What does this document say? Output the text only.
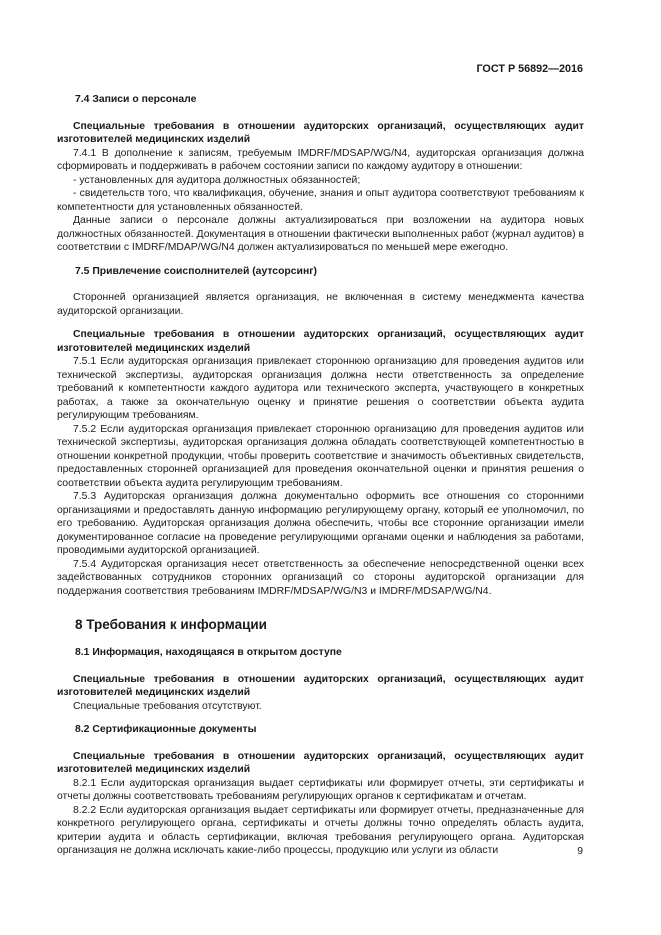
ГОСТ Р 56892—2016

7.4 Записи о персонале

Специальные требования в отношении аудиторских организаций, осуществляющих аудит изготовителей медицинских изделий

7.4.1 В дополнение к записям, требуемым IMDRF/MDSAP/WG/N4, аудиторская организация должна сформировать и поддерживать в рабочем состоянии записи по каждому аудитору в отношении:

- установленных для аудитора должностных обязанностей;

- свидетельств того, что квалификация, обучение, знания и опыт аудитора соответствуют требованиям к компетентности для установленных обязанностей.

Данные записи о персонале должны актуализироваться при возложении на аудитора новых должностных обязанностей. Документация в отношении фактически выполненных работ (журнал аудитов) в соответствии с IMDRF/MDAP/WG/N4 должен актуализироваться по меньшей мере ежегодно.

7.5 Привлечение соисполнителей (аутсорсинг)

Сторонней организацией является организация, не включенная в систему менеджмента качества аудиторской организации.

Специальные требования в отношении аудиторских организаций, осуществляющих аудит изготовителей медицинских изделий

7.5.1 Если аудиторская организация привлекает стороннюю организацию для проведения аудитов или технической экспертизы, аудиторская организация должна нести ответственность за определение требований к компетентности каждого аудитора или технического эксперта, участвующего в конкретных работах, а также за окончательную оценку и принятие решения о соответствии объекта аудита регулирующим требованиям.

7.5.2 Если аудиторская организация привлекает стороннюю организацию для проведения аудитов или технической экспертизы, аудиторская организация должна обладать соответствующей компетентностью в отношении конкретной продукции, чтобы проверить соответствие и значимость объективных свидетельств, предоставленных сторонней организацией для проведения окончательной оценки и принятия решения о соответствии объекта аудита регулирующим требованиям.

7.5.3 Аудиторская организация должна документально оформить все отношения со сторонними организациями и предоставлять данную информацию регулирующему органу, который ее уполномочил, по его требованию. Аудиторская организация должна обеспечить, чтобы все сторонние организации имели документированное согласие на проведение регулирующими органами оценки и наблюдения за работами, проводимыми аудиторской организацией.

7.5.4 Аудиторская организация несет ответственность за обеспечение непосредственной оценки всех задействованных сотрудников сторонних организаций со стороны аудиторской организации для поддержания соответствия требованиям IMDRF/MDSAP/WG/N3 и IMDRF/MDSAP/WG/N4.

8 Требования к информации

8.1 Информация, находящаяся в открытом доступе

Специальные требования в отношении аудиторских организаций, осуществляющих аудит изготовителей медицинских изделий

Специальные требования отсутствуют.

8.2 Сертификационные документы

Специальные требования в отношении аудиторских организаций, осуществляющих аудит изготовителей медицинских изделий

8.2.1 Если аудиторская организация выдает сертификаты или формирует отчеты, эти сертификаты и отчеты должны соответствовать требованиям регулирующих органов к сертификатам и отчетам.

8.2.2 Если аудиторская организация выдает сертификаты или формирует отчеты, предназначенные для конкретного регулирующего органа, сертификаты и отчеты должны точно определять область аудита, критерии аудита и область сертификации, включая требования регулирующего органа. Аудиторская организация не должна исключать какие-либо процессы, продукцию или услуги из области	9
